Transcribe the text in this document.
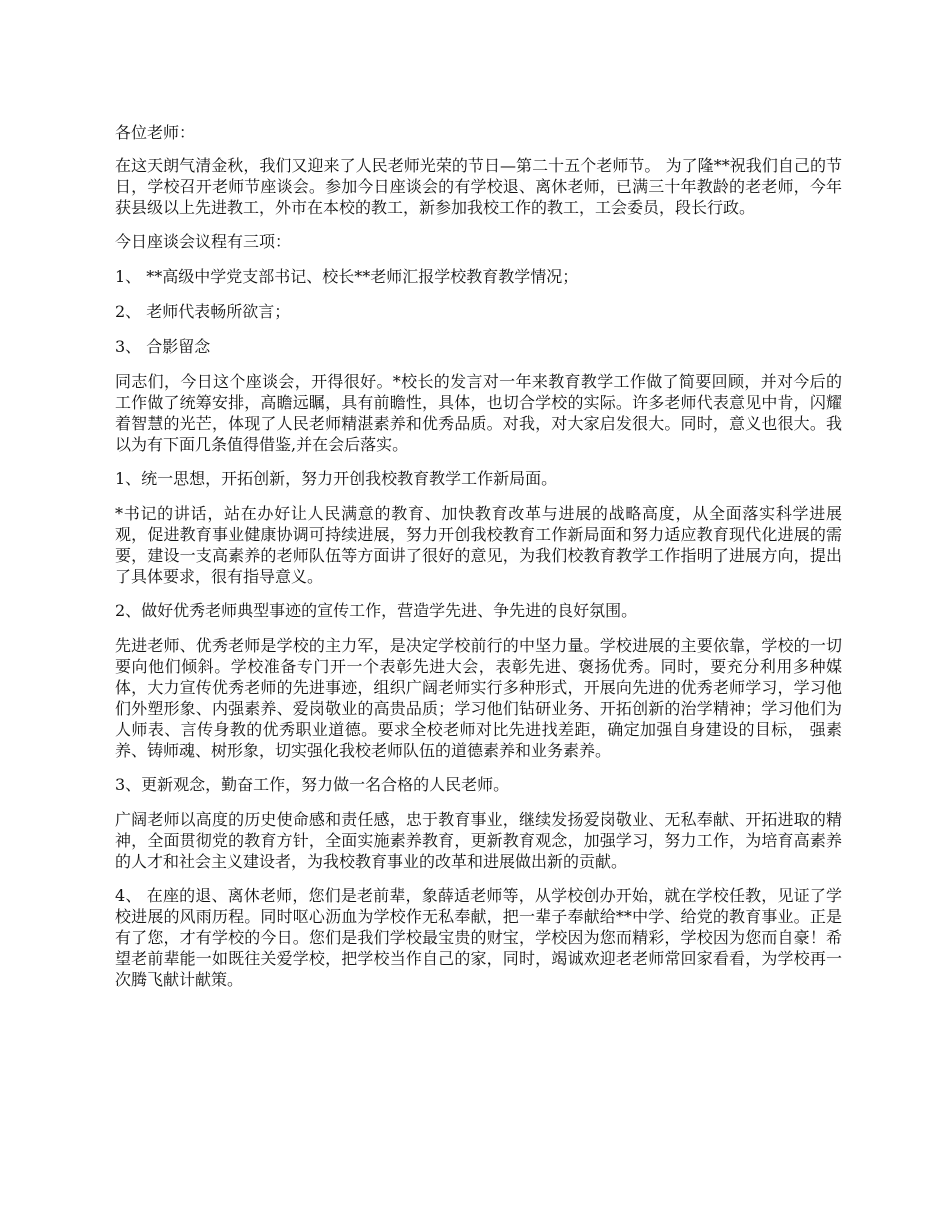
各位老师：

在这天朗气清金秋，我们又迎来了人民老师光荣的节日—第二十五个老师节。 为了隆**祝我们自己的节日，学校召开老师节座谈会。参加今日座谈会的有学校退、离休老师，已满三十年教龄的老老师，今年获县级以上先进教工，外市在本校的教工，新参加我校工作的教工，工会委员，段长行政。

今日座谈会议程有三项：

1、 **高级中学党支部书记、校长**老师汇报学校教育教学情况；

2、 老师代表畅所欲言；

3、 合影留念

同志们，今日这个座谈会，开得很好。*校长的发言对一年来教育教学工作做了简要回顾，并对今后的工作做了统筹安排，高瞻远瞩，具有前瞻性，具体，也切合学校的实际。许多老师代表意见中肯，闪耀着智慧的光芒，体现了人民老师精湛素养和优秀品质。对我，对大家启发很大。同时，意义也很大。我以为有下面几条值得借鉴,并在会后落实。

1、统一思想，开拓创新，努力开创我校教育教学工作新局面。

*书记的讲话，站在办好让人民满意的教育、加快教育改革与进展的战略高度，从全面落实科学进展观，促进教育事业健康协调可持续进展，努力开创我校教育工作新局面和努力适应教育现代化进展的需要，建设一支高素养的老师队伍等方面讲了很好的意见，为我们校教育教学工作指明了进展方向，提出了具体要求，很有指导意义。

2、做好优秀老师典型事迹的宣传工作，营造学先进、争先进的良好氛围。

先进老师、优秀老师是学校的主力军，是决定学校前行的中坚力量。学校进展的主要依靠，学校的一切要向他们倾斜。学校准备专门开一个表彰先进大会，表彰先进、褒扬优秀。同时，要充分利用多种媒体，大力宣传优秀老师的先进事迹，组织广阔老师实行多种形式，开展向先进的优秀老师学习，学习他们外塑形象、内强素养、爱岗敬业的高贵品质；学习他们钻研业务、开拓创新的治学精神；学习他们为人师表、言传身教的优秀职业道德。要求全校老师对比先进找差距，确定加强自身建设的目标， 强素养、铸师魂、树形象，切实强化我校老师队伍的道德素养和业务素养。

3、更新观念，勤奋工作，努力做一名合格的人民老师。

广阔老师以高度的历史使命感和责任感，忠于教育事业，继续发扬爱岗敬业、无私奉献、开拓进取的精神，全面贯彻党的教育方针，全面实施素养教育，更新教育观念，加强学习，努力工作，为培育高素养的人才和社会主义建设者，为我校教育事业的改革和进展做出新的贡献。

4、 在座的退、离休老师，您们是老前辈，象薛适老师等，从学校创办开始，就在学校任教，见证了学校进展的风雨历程。同时呕心沥血为学校作无私奉献，把一辈子奉献给**中学、给党的教育事业。正是有了您，才有学校的今日。您们是我们学校最宝贵的财宝，学校因为您而精彩，学校因为您而自豪！希望老前辈能一如既往关爱学校，把学校当作自己的家，同时，竭诚欢迎老老师常回家看看，为学校再一次腾飞献计献策。
